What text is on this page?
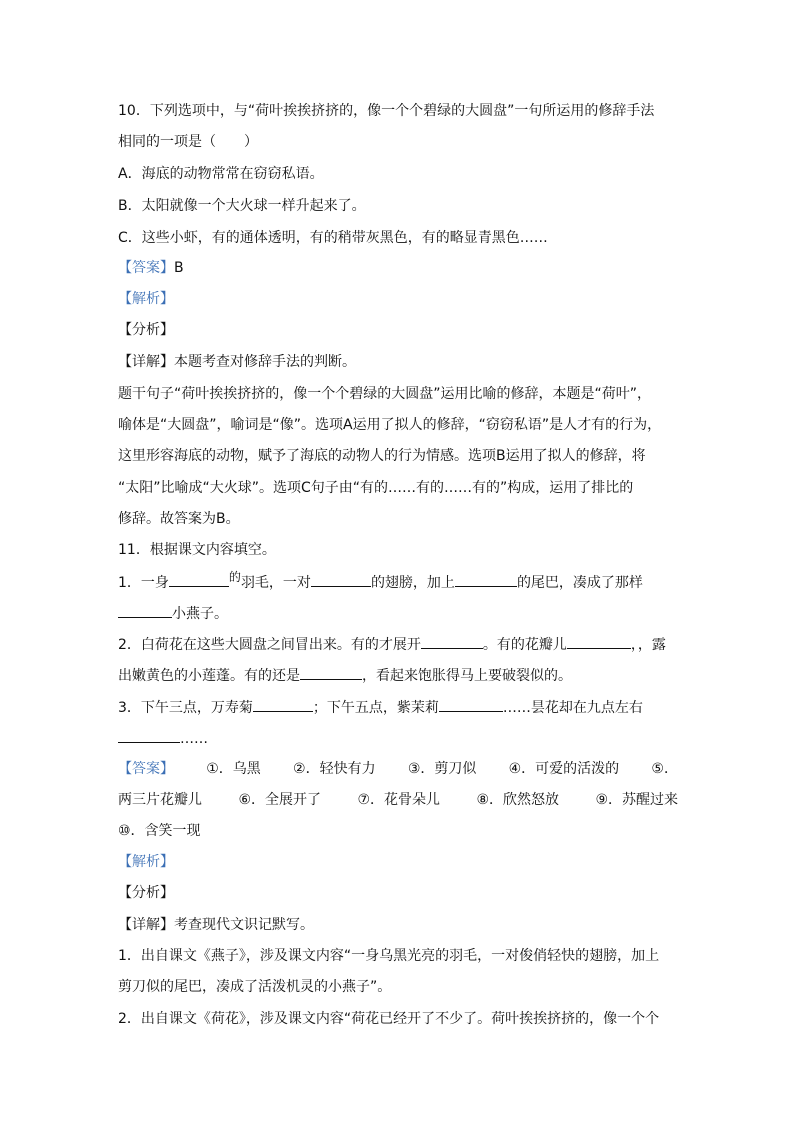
10．下列选项中，与“荷叶挨挨挤挤的，像一个个碧绿的大圆盘”一句所运用的修辞手法
相同的一项是（　　）
A．海底的动物常常在窃窃私语。
B．太阳就像一个大火球一样升起来了。
C．这些小虾，有的通体透明，有的稍带灰黑色，有的略显青黑色……
【答案】B
【解析】
【分析】
【详解】本题考查对修辞手法的判断。
题干句子“荷叶挨挨挤挤的，像一个个碧绿的大圆盘”运用比喻的修辞，本题是“荷叶”，
喻体是“大圆盘”，喻词是“像”。选项A运用了拟人的修辞，“窃窃私语”是人才有的行为，
这里形容海底的动物，赋予了海底的动物人的行为情感。选项B运用了拟人的修辞，将
“太阳”比喻成“大火球”。选项C句子由“有的……有的……有的”构成，运用了排比的
修辞。故答案为B。
11．根据课文内容填空。
1．一身	的羽毛，一对	的翅膀，加上	的尾巴，凑成了那样
小燕子。
2．白荷花在这些大圆盘之间冒出来。有的才展开	。有的花瓣儿	，，露
出嫩黄色的小莲蓬。有的还是	，看起来饱胀得马上要破裂似的。
3．下午三点，万寿菊	；下午五点，紫茉莉	……昙花却在九点左右
……
【答案】 ①．乌黑 ②．轻快有力 ③．剪刀似 ④．可爱的活泼的 ⑤．
两三片花瓣儿	⑥．全展开了	⑦．花骨朵儿	⑧．欣然怒放	⑨．苏醒过来
⑩．含笑一现
【解析】
【分析】
【详解】考查现代文识记默写。
1．出自课文《燕子》，涉及课文内容“一身乌黑光亮的羽毛，一对俊俏轻快的翅膀，加上
剪刀似的尾巴，凑成了活泼机灵的小燕子”。
2．出自课文《荷花》，涉及课文内容“荷花已经开了不少了。荷叶挨挨挤挤的，像一个个
